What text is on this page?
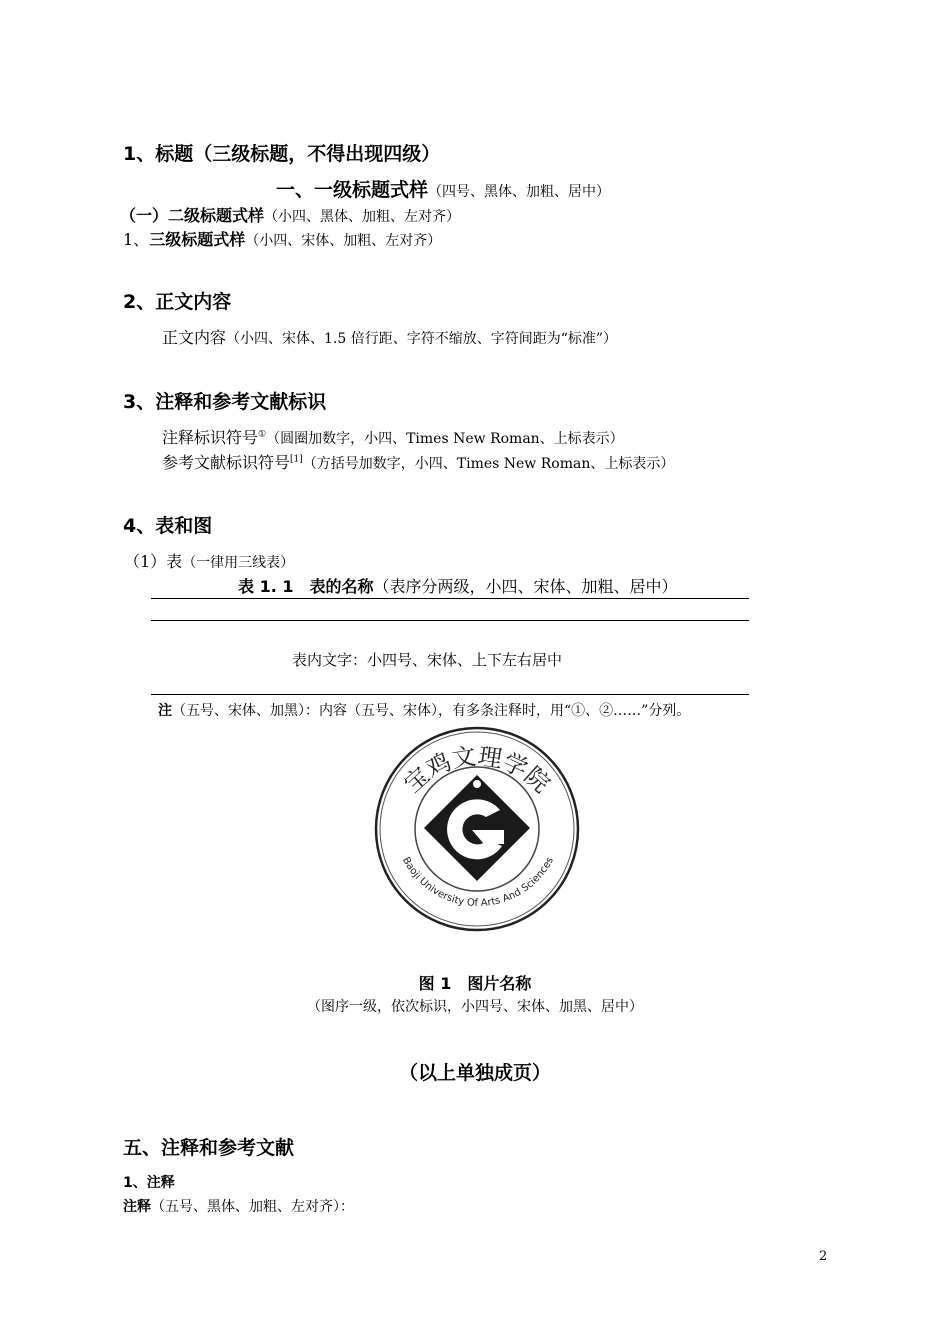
1、标题（三级标题，不得出现四级）
一、一级标题式样（四号、黑体、加粗、居中）
（一）二级标题式样（小四、黑体、加粗、左对齐）
1、三级标题式样（小四、宋体、加粗、左对齐）
2、正文内容
正文内容（小四、宋体、1.5 倍行距、字符不缩放、字符间距为“标准”）
3、注释和参考文献标识
注释标识符号①（圆圈加数字，小四、Times New Roman、上标表示）
参考文献标识符号[1]（方括号加数字，小四、Times New Roman、上标表示）
4、表和图
（1）表（一律用三线表）
表 1. 1　表的名称（表序分两级，小四、宋体、加粗、居中）
表内文字：小四号、宋体、上下左右居中
注（五号、宋体、加黑）：内容（五号、宋体），有多条注释时，用“①、②……”分列。
宝鸡文理学院
Baoji University Of Arts And Sciences
图 1　图片名称
（图序一级，依次标识，小四号、宋体、加黑、居中）
（以上单独成页）
五、注释和参考文献
1、注释
注释（五号、黑体、加粗、左对齐）：
2
